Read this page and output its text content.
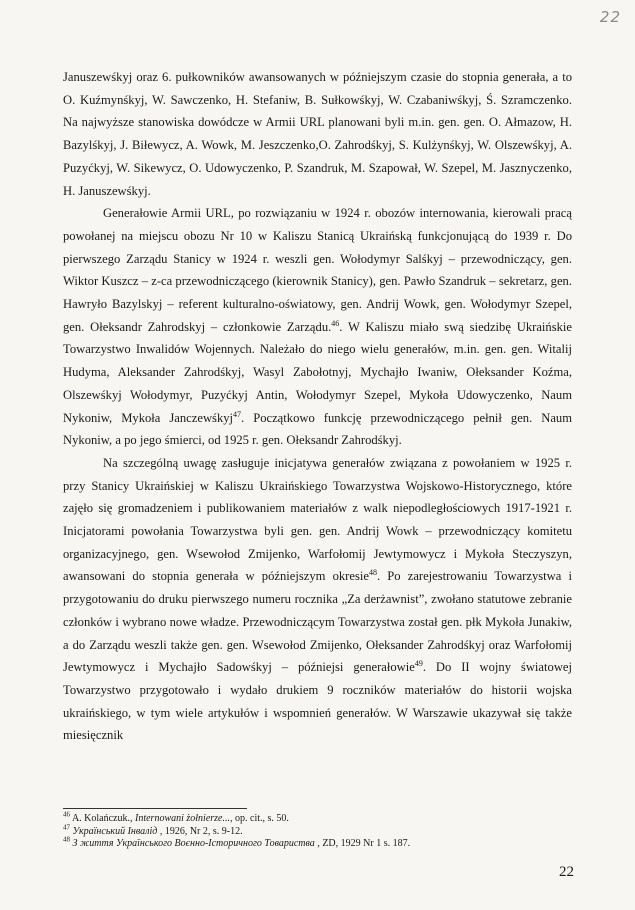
22

Januszewśkyj oraz 6. pułkowników awansowanych w późniejszym czasie do stopnia generała, a to O. Kuźmynśkyj, W. Sawczenko, H. Stefaniw, B. Sułkowśkyj, W. Czabaniwśkyj, Ś. Szramczenko. Na najwyższe stanowiska dowódcze w Armii URL planowani byli m.in. gen. gen. O. Ałmazow, H. Bazylśkyj, J. Biłewycz, A. Wowk, M. Jeszczenko,O. Zahrodśkyj, S. Kulżynśkyj, W. Olszewśkyj, A. Puzyćkyj, W. Sikewycz, O. Udowyczenko, P. Szandruk, M. Szapował, W. Szepel, M. Jasznyczenko, H. Januszewśkyj.

Generałowie Armii URL, po rozwiązaniu w 1924 r. obozów internowania, kierowali pracą powołanej na miejscu obozu Nr 10 w Kaliszu Stanicą Ukraińską funkcjonującą do 1939 r. Do pierwszego Zarządu Stanicy w 1924 r. weszli gen. Wołodymyr Salśkyj – przewodniczący, gen. Wiktor Kuszcz – z-ca przewodniczącego (kierownik Stanicy), gen. Pawło Szandruk – sekretarz, gen. Hawryło Bazylskyj – referent kulturalno-oświatowy, gen. Andrij Wowk, gen. Wołodymyr Szepel, gen. Ołeksandr Zahrodskyj – członkowie Zarządu.$^{46}$. W Kaliszu miało swą siedzibę Ukraińskie Towarzystwo Inwalidów Wojennych. Należało do niego wielu generałów, m.in. gen. gen. Witalij Hudyma, Aleksander Zahrodśkyj, Wasyl Zabołotnyj, Mychajło Iwaniw, Ołeksander Koźma, Olszewśkyj Wołodymyr, Puzyćkyj Antin, Wołodymyr Szepel, Mykoła Udowyczenko, Naum Nykoniw, Mykoła Janczewśkyj$^{47}$. Początkowo funkcję przewodniczącego pełnił gen. Naum Nykoniw, a po jego śmierci, od 1925 r. gen. Ołeksandr Zahrodśkyj.

Na szczególną uwagę zasługuje inicjatywa generałów związana z powołaniem w 1925 r. przy Stanicy Ukraińskiej w Kaliszu Ukraińskiego Towarzystwa Wojskowo-Historycznego, które zajęło się gromadzeniem i publikowaniem materiałów z walk niepodległościowych 1917-1921 r. Inicjatorami powołania Towarzystwa byli gen. gen. Andrij Wowk – przewodniczący komitetu organizacyjnego, gen. Wsewołod Zmijenko, Warfołomij Jewtymowycz i Mykoła Steczyszyn, awansowani do stopnia generała w późniejszym okresie$^{48}$. Po zarejestrowaniu Towarzystwa i przygotowaniu do druku pierwszego numeru rocznika „Za derżawnist”, zwołano statutowe zebranie członków i wybrano nowe władze. Przewodniczącym Towarzystwa został gen. płk Mykoła Junakiw, a do Zarządu weszli także gen. gen. Wsewołod Zmijenko, Ołeksander Zahrodśkyj oraz Warfołomij Jewtymowycz i Mychajło Sadowśkyj – późniejsi generałowie$^{49}$. Do II wojny światowej Towarzystwo przygotowało i wydało drukiem 9 roczników materiałów do historii wojska ukraińskiego, w tym wiele artykułów i wspomnień generałów. W Warszawie ukazywał się także miesięcznik

$^{46}$ A. Kolańczuk., Internowani żołnierze..., op. cit., s. 50.

$^{47}$ Український Інвалід , 1926, Nr 2, s. 9-12.

$^{48}$ З життя Українського Воєнно-Історичного Товариства , ZD, 1929 Nr 1 s. 187.

22
